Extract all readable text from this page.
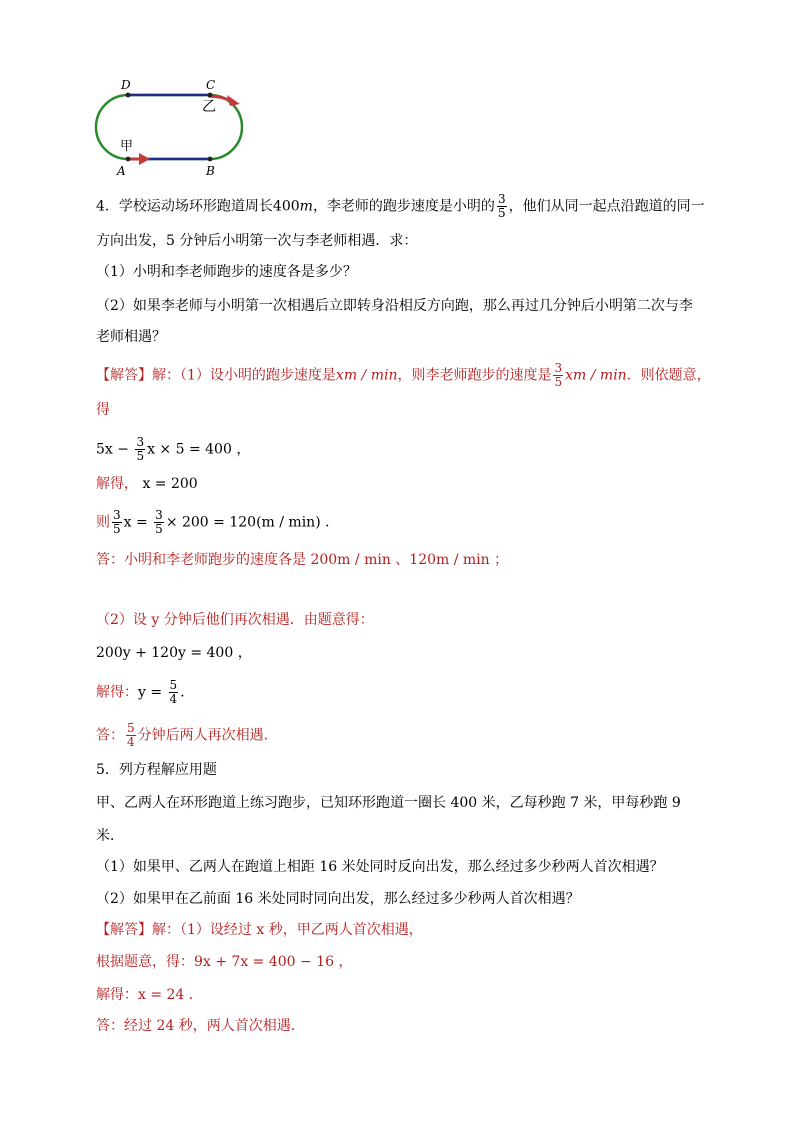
D	C
乙
甲
A	B
4．学校运动场环形跑道周长400m，李老师的跑步速度是小明的 $\frac{3}{5}$ ，他们从同一起点沿跑道的同一
方向出发，5 分钟后小明第一次与李老师相遇．求：
（1）小明和李老师跑步的速度各是多少？
（2）如果李老师与小明第一次相遇后立即转身沿相反方向跑，那么再过几分钟后小明第二次与李
老师相遇？
【解答】解：（1）设小明的跑步速度是xm / min，则李老师跑步的速度是 $\frac{3}{5}$ xm / min．则依题意，
得
$5x - \frac{3}{5}$ x × 5 = 400 ，
解得， x = 200
则 $\frac{3}{5}$ $x = \frac{3}{5} \times 200 = 120(m / \min)$ ．
答：小明和李老师跑步的速度各是 200m / min 、120m / min ；
（2）设 y 分钟后他们再次相遇．由题意得：
200y + 120y = 400 ，
解得：$y = \frac{5}{4}$ ．
答： $\frac{5}{4}$ 分钟后两人再次相遇．
5．列方程解应用题
甲、乙两人在环形跑道上练习跑步，已知环形跑道一圈长 400 米，乙每秒跑 7 米，甲每秒跑 9
米．
（1）如果甲、乙两人在跑道上相距 16 米处同时反向出发，那么经过多少秒两人首次相遇？
（2）如果甲在乙前面 16 米处同时同向出发，那么经过多少秒两人首次相遇？
【解答】解：（1）设经过 x 秒，甲乙两人首次相遇，
根据题意，得：9x + 7x = 400 − 16 ，
解得：x = 24 ．
答：经过 24 秒，两人首次相遇．
